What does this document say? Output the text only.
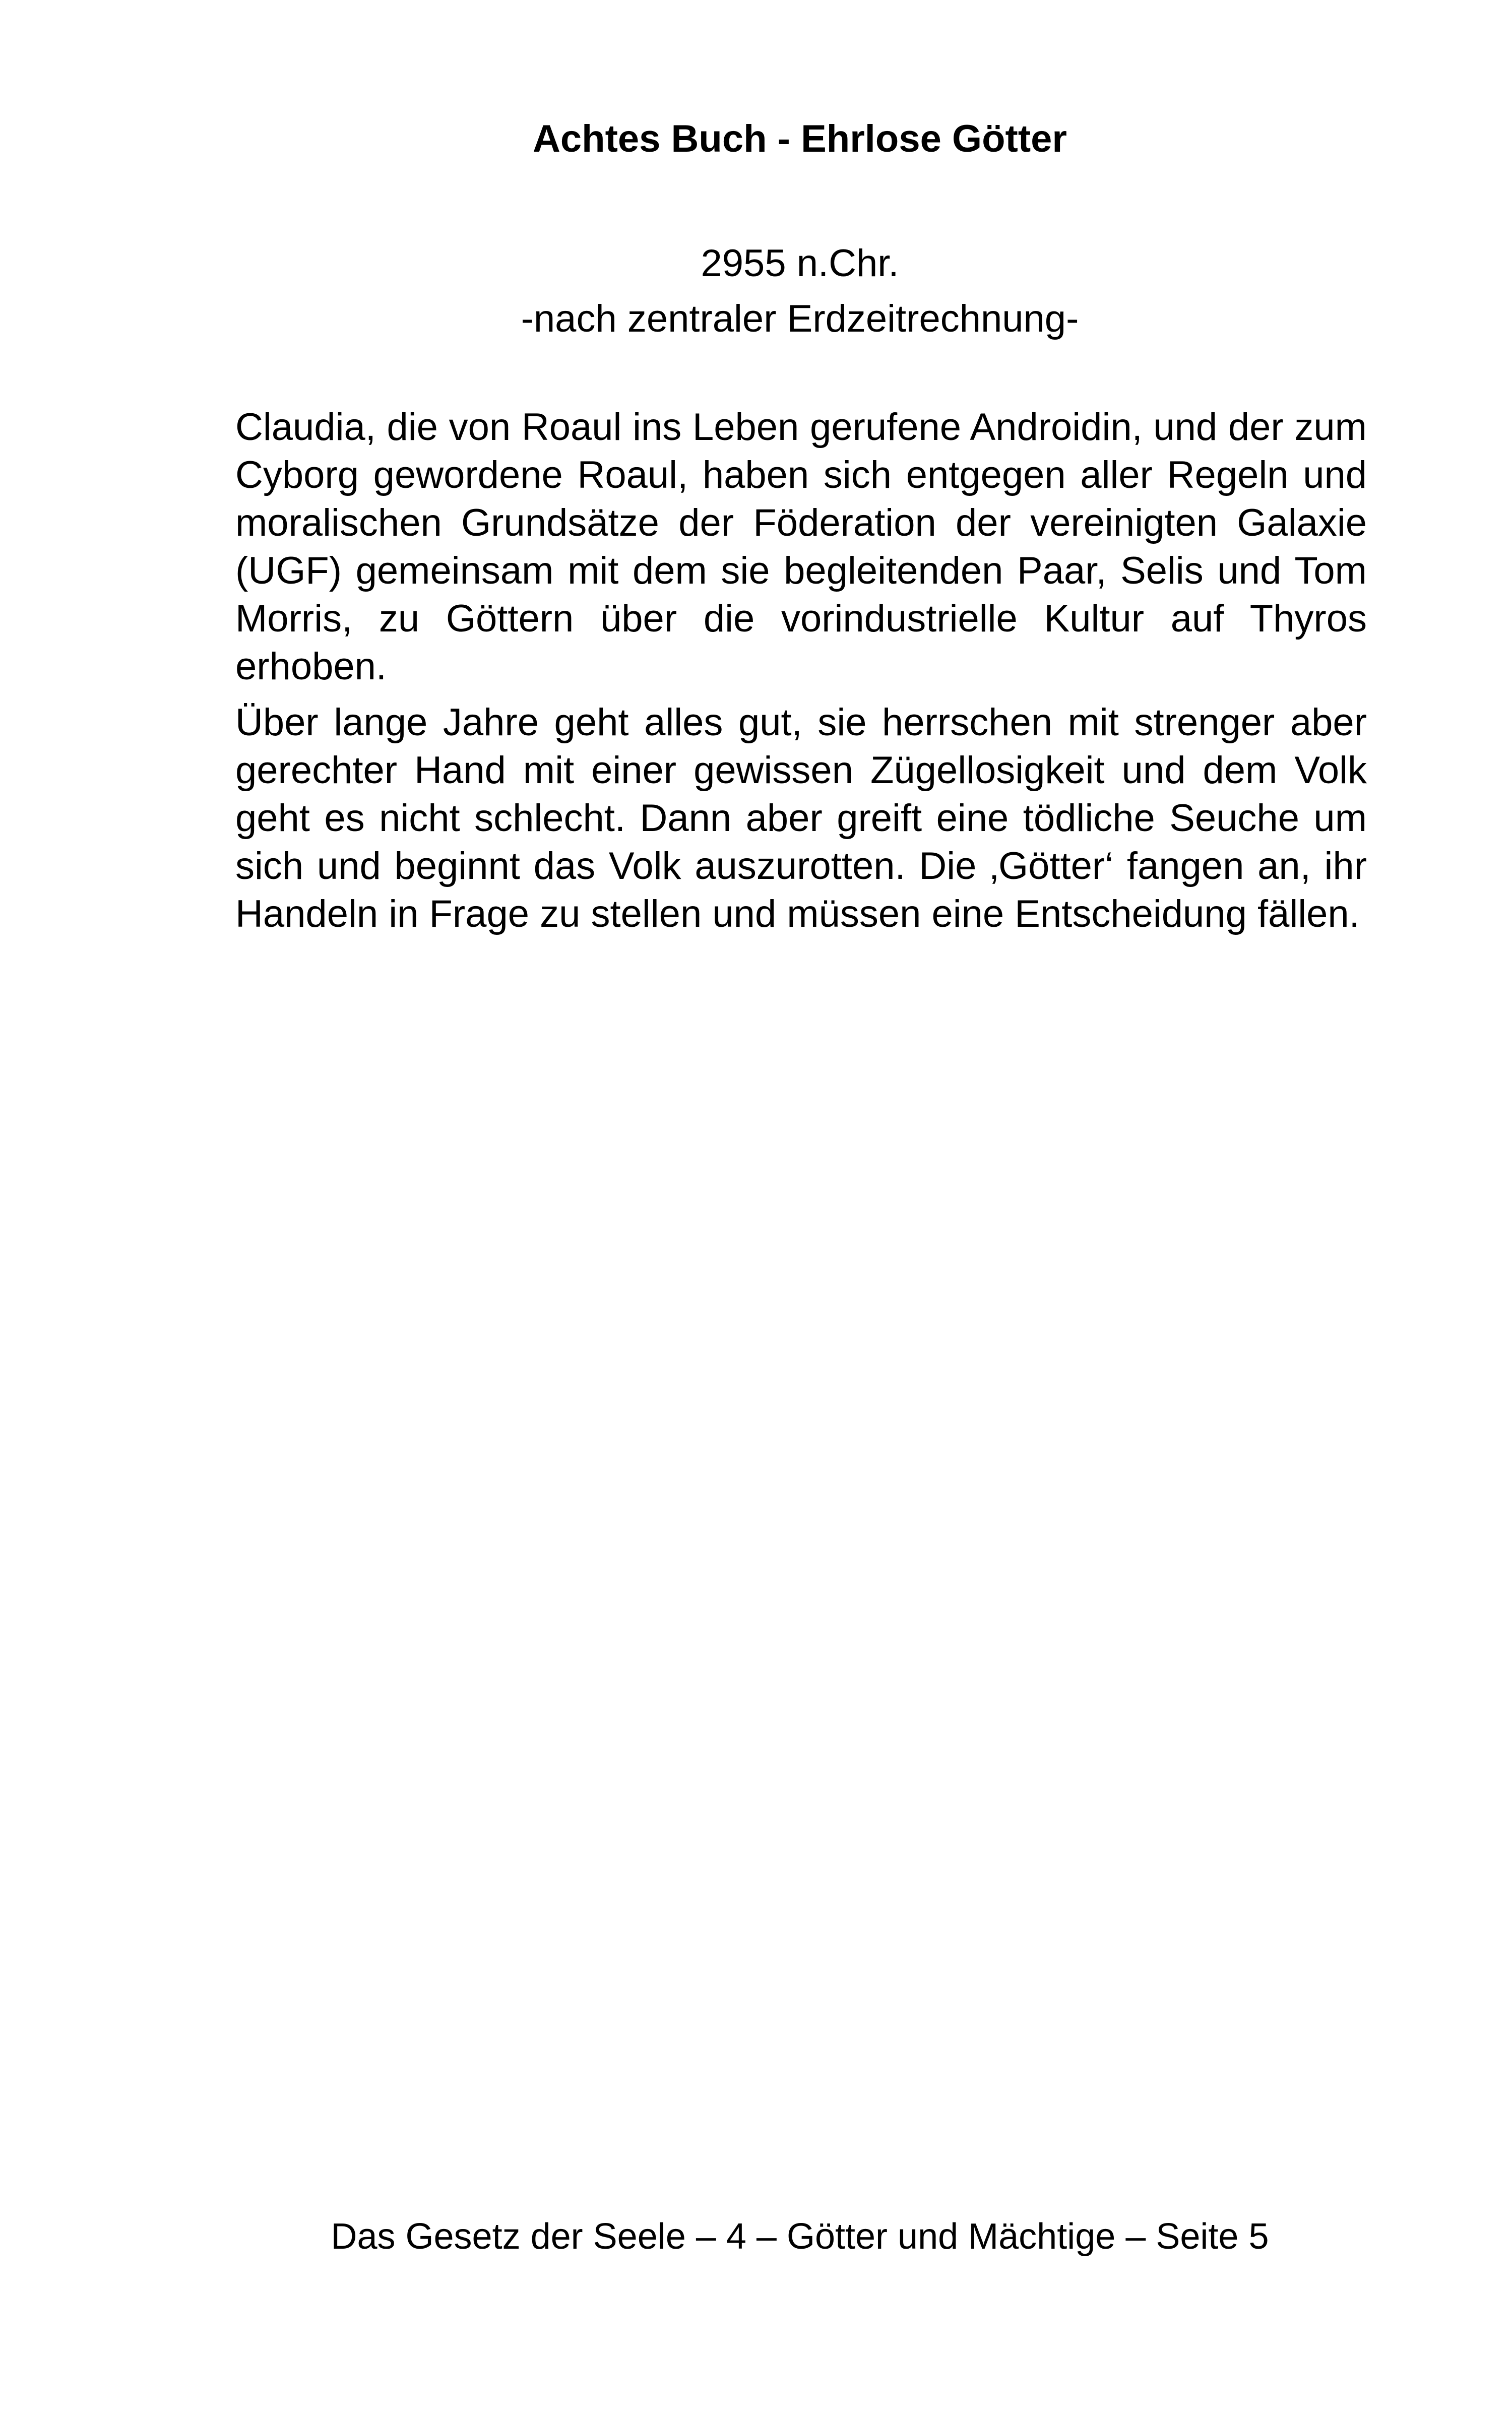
Achtes Buch - Ehrlose Götter
2955 n.Chr.
-nach zentraler Erdzeitrechnung-

Claudia, die von Roaul ins Leben gerufene Androidin, und der zum Cyborg gewordene Roaul, haben sich entgegen aller Regeln und moralischen Grundsätze der Föderation der vereinigten Galaxie (UGF) gemeinsam mit dem sie begleitenden Paar, Selis und Tom Morris, zu Göttern über die vorindustrielle Kultur auf Thyros erhoben.

Über lange Jahre geht alles gut, sie herrschen mit strenger aber gerechter Hand mit einer gewissen Zügellosigkeit und dem Volk geht es nicht schlecht. Dann aber greift eine tödliche Seuche um sich und beginnt das Volk auszurotten. Die ‚Götter‘ fangen an, ihr Handeln in Frage zu stellen und müssen eine Entscheidung fällen.

Das Gesetz der Seele – 4 – Götter und Mächtige – Seite 5
